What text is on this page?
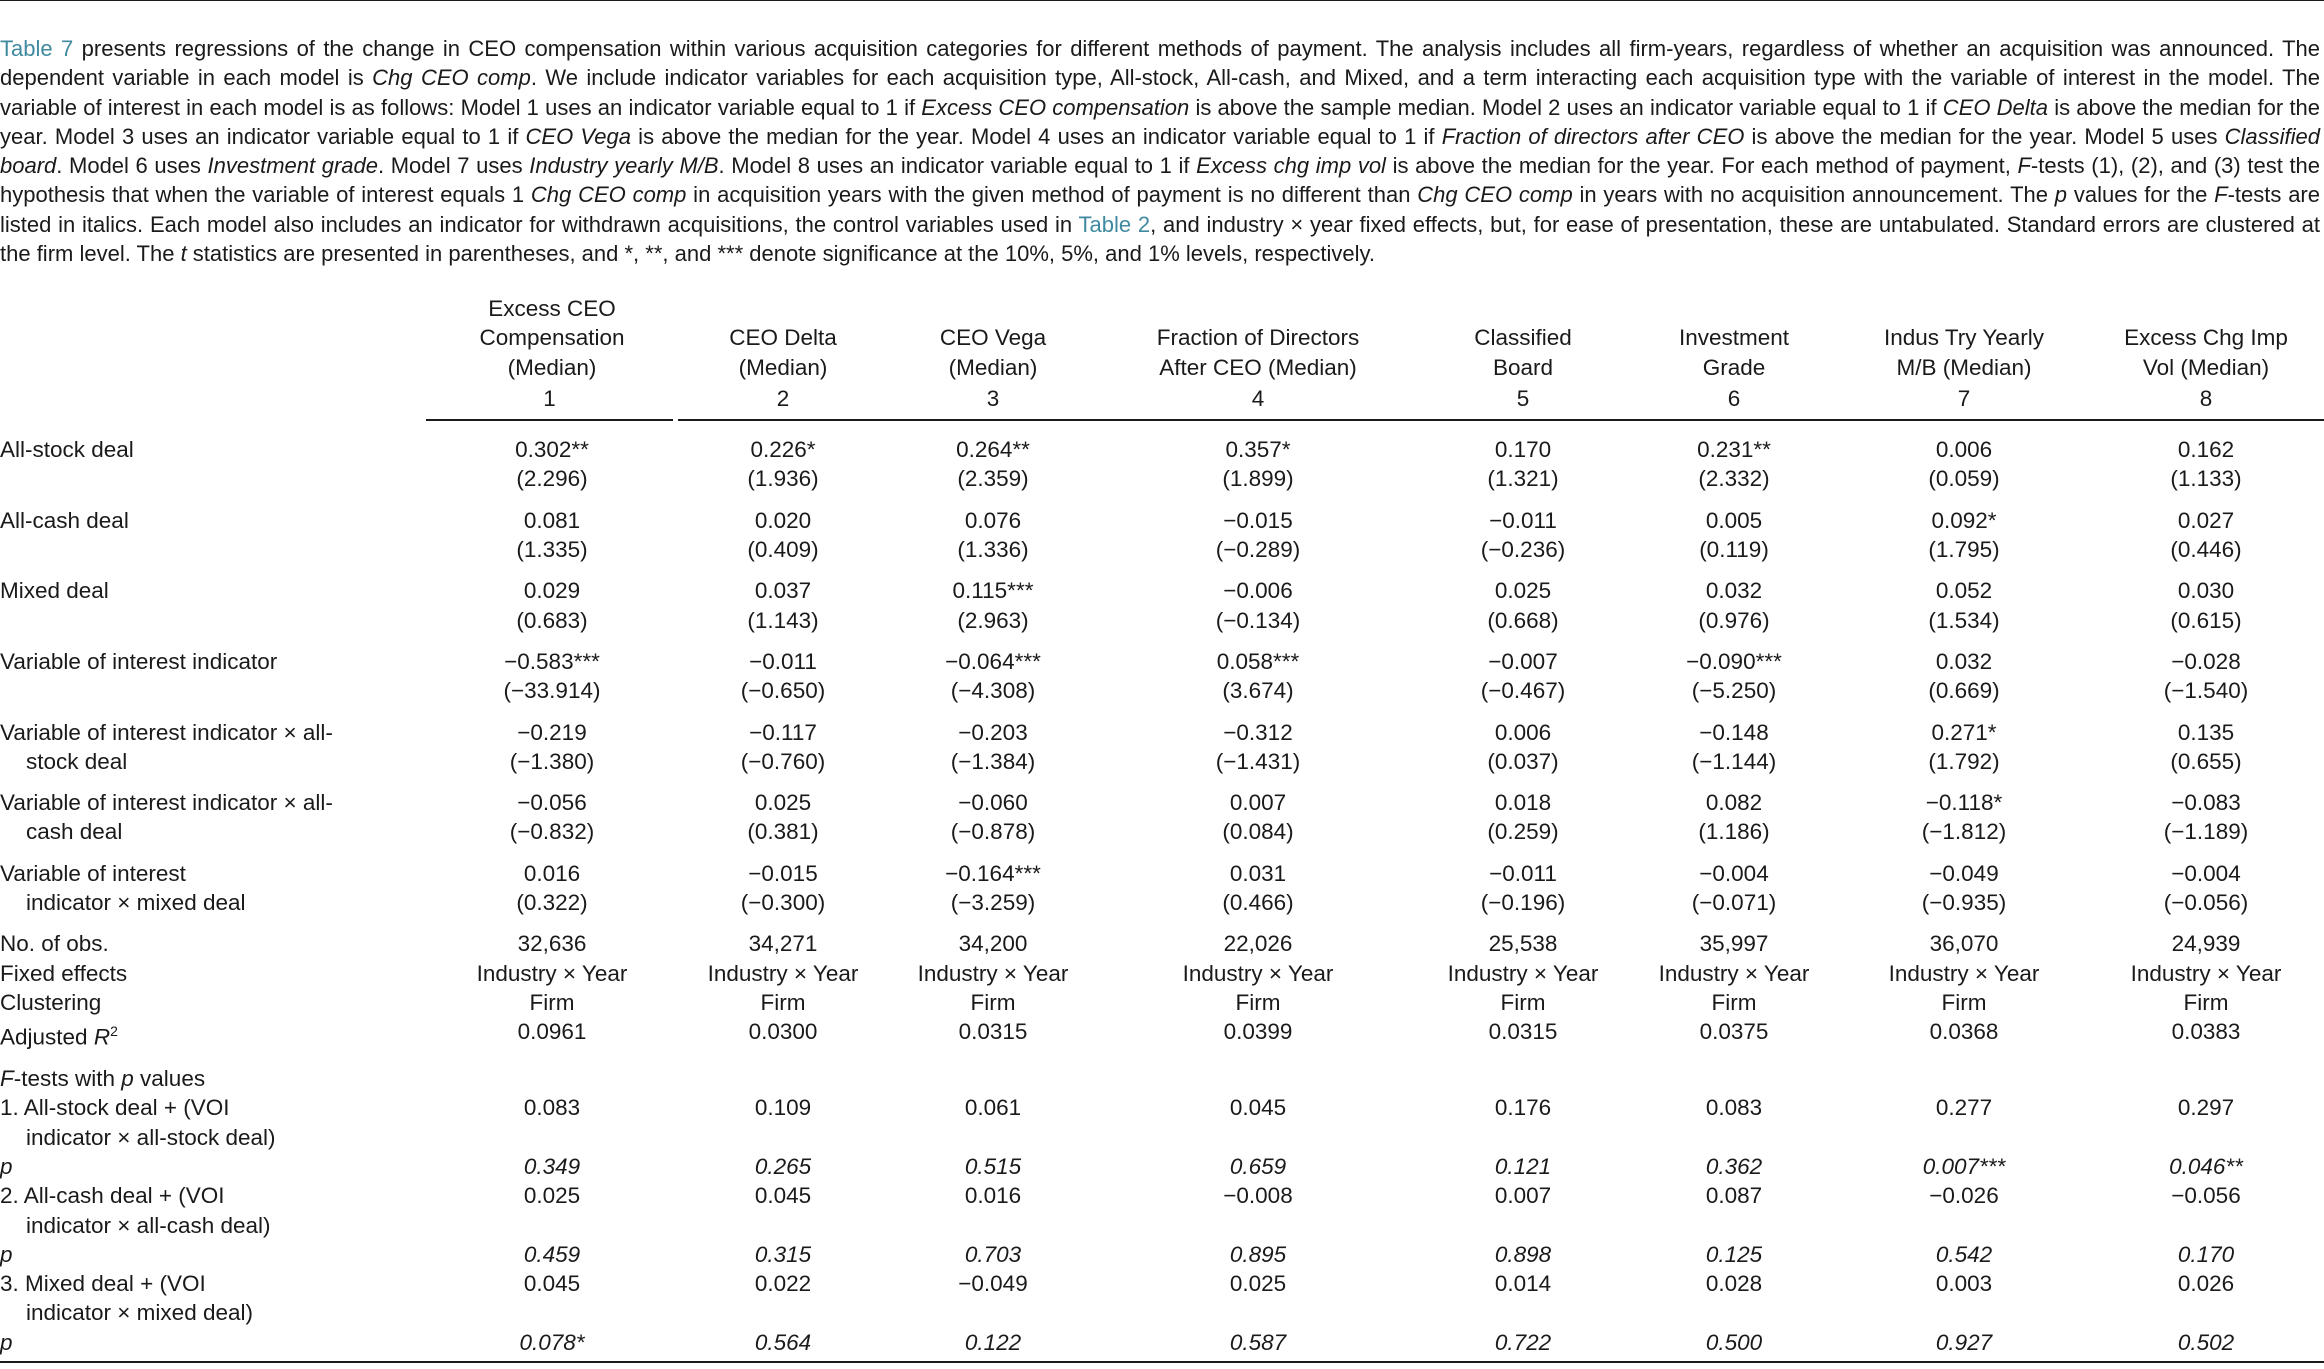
Table 7 presents regressions of the change in CEO compensation within various acquisition categories for different methods of payment. The analysis includes all firm-years, regardless of whether an acquisition was announced. The dependent variable in each model is Chg CEO comp. We include indicator variables for each acquisition type, All-stock, All-cash, and Mixed, and a term interacting each acquisition type with the variable of interest in the model. The variable of interest in each model is as follows: Model 1 uses an indicator variable equal to 1 if Excess CEO compensation is above the sample median. Model 2 uses an indicator variable equal to 1 if CEO Delta is above the median for the year. Model 3 uses an indicator variable equal to 1 if CEO Vega is above the median for the year. Model 4 uses an indicator variable equal to 1 if Fraction of directors after CEO is above the median for the year. Model 5 uses Classified board. Model 6 uses Investment grade. Model 7 uses Industry yearly M/B. Model 8 uses an indicator variable equal to 1 if Excess chg imp vol is above the median for the year. For each method of payment, F-tests (1), (2), and (3) test the hypothesis that when the variable of interest equals 1 Chg CEO comp in acquisition years with the given method of payment is no different than Chg CEO comp in years with no acquisition announcement. The p values for the F-tests are listed in italics. Each model also includes an indicator for withdrawn acquisitions, the control variables used in Table 2, and industry × year fixed effects, but, for ease of presentation, these are untabulated. Standard errors are clustered at the firm level. The t statistics are presented in parentheses, and *, **, and *** denote significance at the 10%, 5%, and 1% levels, respectively.

	Excess CEO							
	Compensation	CEO Delta	CEO Vega	Fraction of Directors	Classified	Investment	Indus Try Yearly	Excess Chg Imp
	(Median)	(Median)	(Median)	After CEO (Median)	Board	Grade	M/B (Median)	Vol (Median)

	1	2	3	4	5	6	7	8

All-stock deal	0.302**	0.226*	0.264**	0.357*	0.170	0.231**	0.006	0.162
	(2.296)	(1.936)	(2.359)	(1.899)	(1.321)	(2.332)	(0.059)	(1.133)
All-cash deal	0.081	0.020	0.076	−0.015	−0.011	0.005	0.092*	0.027
	(1.335)	(0.409)	(1.336)	(−0.289)	(−0.236)	(0.119)	(1.795)	(0.446)
Mixed deal	0.029	0.037	0.115***	−0.006	0.025	0.032	0.052	0.030
	(0.683)	(1.143)	(2.963)	(−0.134)	(0.668)	(0.976)	(1.534)	(0.615)
Variable of interest indicator	−0.583***	−0.011	−0.064***	0.058***	−0.007	−0.090***	0.032	−0.028
	(−33.914)	(−0.650)	(−4.308)	(3.674)	(−0.467)	(−5.250)	(0.669)	(−1.540)
Variable of interest indicator × all-
stock deal	−0.219	−0.117	−0.203	−0.312	0.006	−0.148	0.271*	0.135
	(−1.380)	(−0.760)	(−1.384)	(−1.431)	(0.037)	(−1.144)	(1.792)	(0.655)
Variable of interest indicator × all-
cash deal	−0.056	0.025	−0.060	0.007	0.018	0.082	−0.118*	−0.083
	(−0.832)	(0.381)	(−0.878)	(0.084)	(0.259)	(1.186)	(−1.812)	(−1.189)
Variable of interest
indicator × mixed deal	0.016	−0.015	−0.164***	0.031	−0.011	−0.004	−0.049	−0.004
	(0.322)	(−0.300)	(−3.259)	(0.466)	(−0.196)	(−0.071)	(−0.935)	(−0.056)
No. of obs.	32,636	34,271	34,200	22,026	25,538	35,997	36,070	24,939
Fixed effects	Industry × Year	Industry × Year	Industry × Year	Industry × Year	Industry × Year	Industry × Year	Industry × Year	Industry × Year
Clustering	Firm	Firm	Firm	Firm	Firm	Firm	Firm	Firm
Adjusted $R^2$	0.0961	0.0300	0.0315	0.0399	0.0315	0.0375	0.0368	0.0383
F-tests with p values								
1. All-stock deal + (VOI
indicator × all-stock deal)	0.083	0.109	0.061	0.045	0.176	0.083	0.277	0.297
p	0.349	0.265	0.515	0.659	0.121	0.362	0.007***	0.046**
2. All-cash deal + (VOI
indicator × all-cash deal)	0.025	0.045	0.016	−0.008	0.007	0.087	−0.026	−0.056
p	0.459	0.315	0.703	0.895	0.898	0.125	0.542	0.170
3. Mixed deal + (VOI
indicator × mixed deal)	0.045	0.022	−0.049	0.025	0.014	0.028	0.003	0.026
p	0.078*	0.564	0.122	0.587	0.722	0.500	0.927	0.502
